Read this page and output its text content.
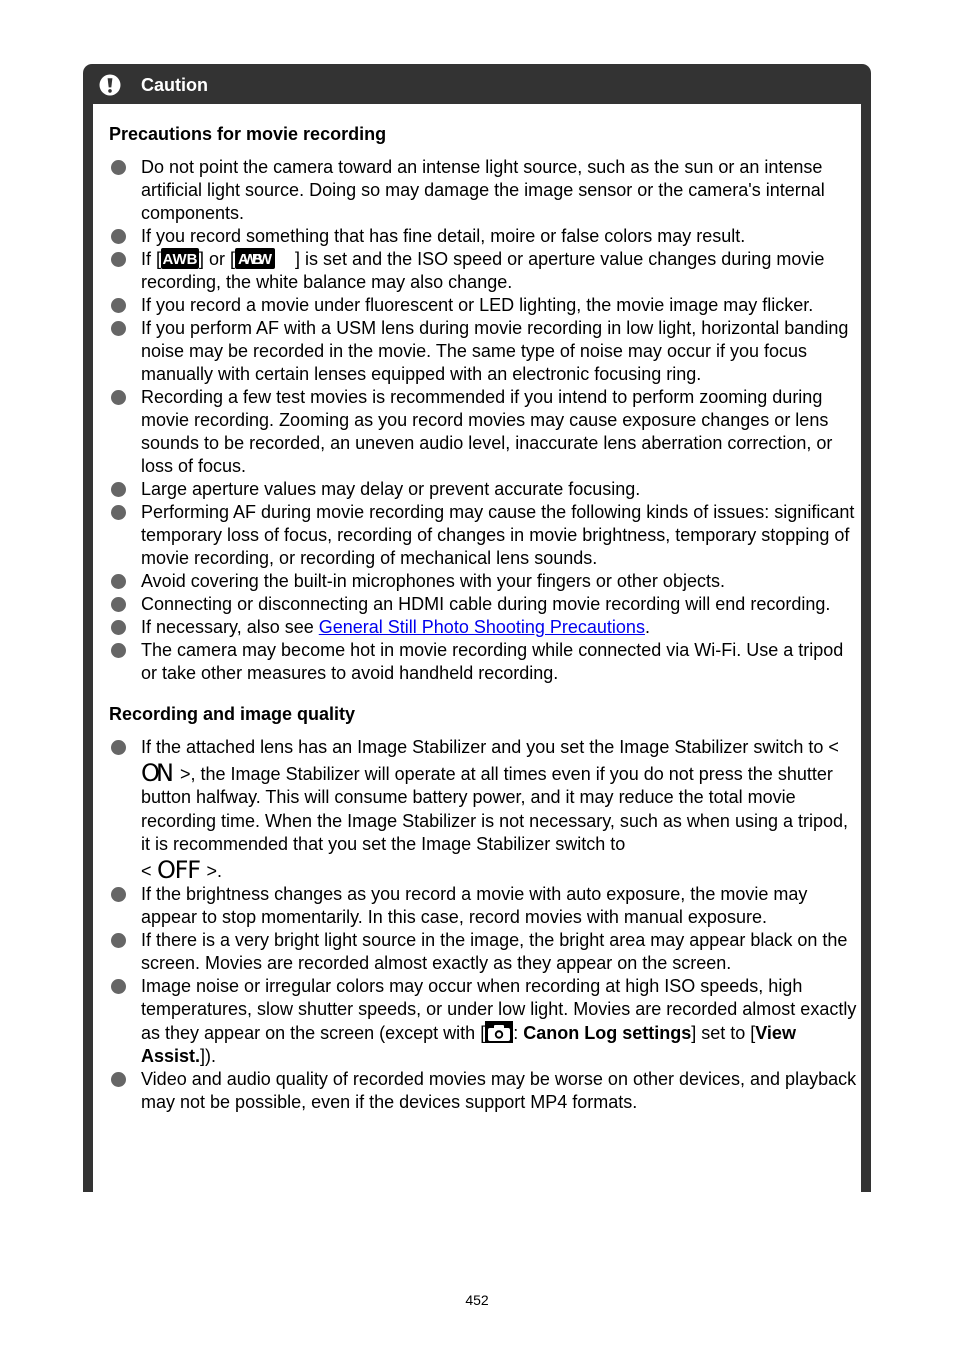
Caution
Precautions for movie recording
Do not point the camera toward an intense light source, such as the sun or an intense artificial light source. Doing so may damage the image sensor or the camera's internal components.
If you record something that has fine detail, moire or false colors may result.
If [ AWB ] or [ AWBW ] is set and the ISO speed or aperture value changes during movie recording, the white balance may also change.
If you record a movie under fluorescent or LED lighting, the movie image may flicker.
If you perform AF with a USM lens during movie recording in low light, horizontal banding noise may be recorded in the movie. The same type of noise may occur if you focus manually with certain lenses equipped with an electronic focusing ring.
Recording a few test movies is recommended if you intend to perform zooming during movie recording. Zooming as you record movies may cause exposure changes or lens sounds to be recorded, an uneven audio level, inaccurate lens aberration correction, or loss of focus.
Large aperture values may delay or prevent accurate focusing.
Performing AF during movie recording may cause the following kinds of issues: significant temporary loss of focus, recording of changes in movie brightness, temporary stopping of movie recording, or recording of mechanical lens sounds.
Avoid covering the built-in microphones with your fingers or other objects.
Connecting or disconnecting an HDMI cable during movie recording will end recording.
If necessary, also see General Still Photo Shooting Precautions.
The camera may become hot in movie recording while connected via Wi-Fi. Use a tripod or take other measures to avoid handheld recording.
Recording and image quality
If the attached lens has an Image Stabilizer and you set the Image Stabilizer switch to <
ON >, the Image Stabilizer will operate at all times even if you do not press the shutter button halfway. This will consume battery power, and it may reduce the total movie recording time. When the Image Stabilizer is not necessary, such as when using a tripod, it is recommended that you set the Image Stabilizer switch to
< OFF >.
If the brightness changes as you record a movie with auto exposure, the movie may appear to stop momentarily. In this case, record movies with manual exposure.
If there is a very bright light source in the image, the bright area may appear black on the screen. Movies are recorded almost exactly as they appear on the screen.
Image noise or irregular colors may occur when recording at high ISO speeds, high temperatures, slow shutter speeds, or under low light. Movies are recorded almost exactly as they appear on the screen (except with [ : Canon Log settings] set to [View Assist.]).
Video and audio quality of recorded movies may be worse on other devices, and playback may not be possible, even if the devices support MP4 formats.
452
